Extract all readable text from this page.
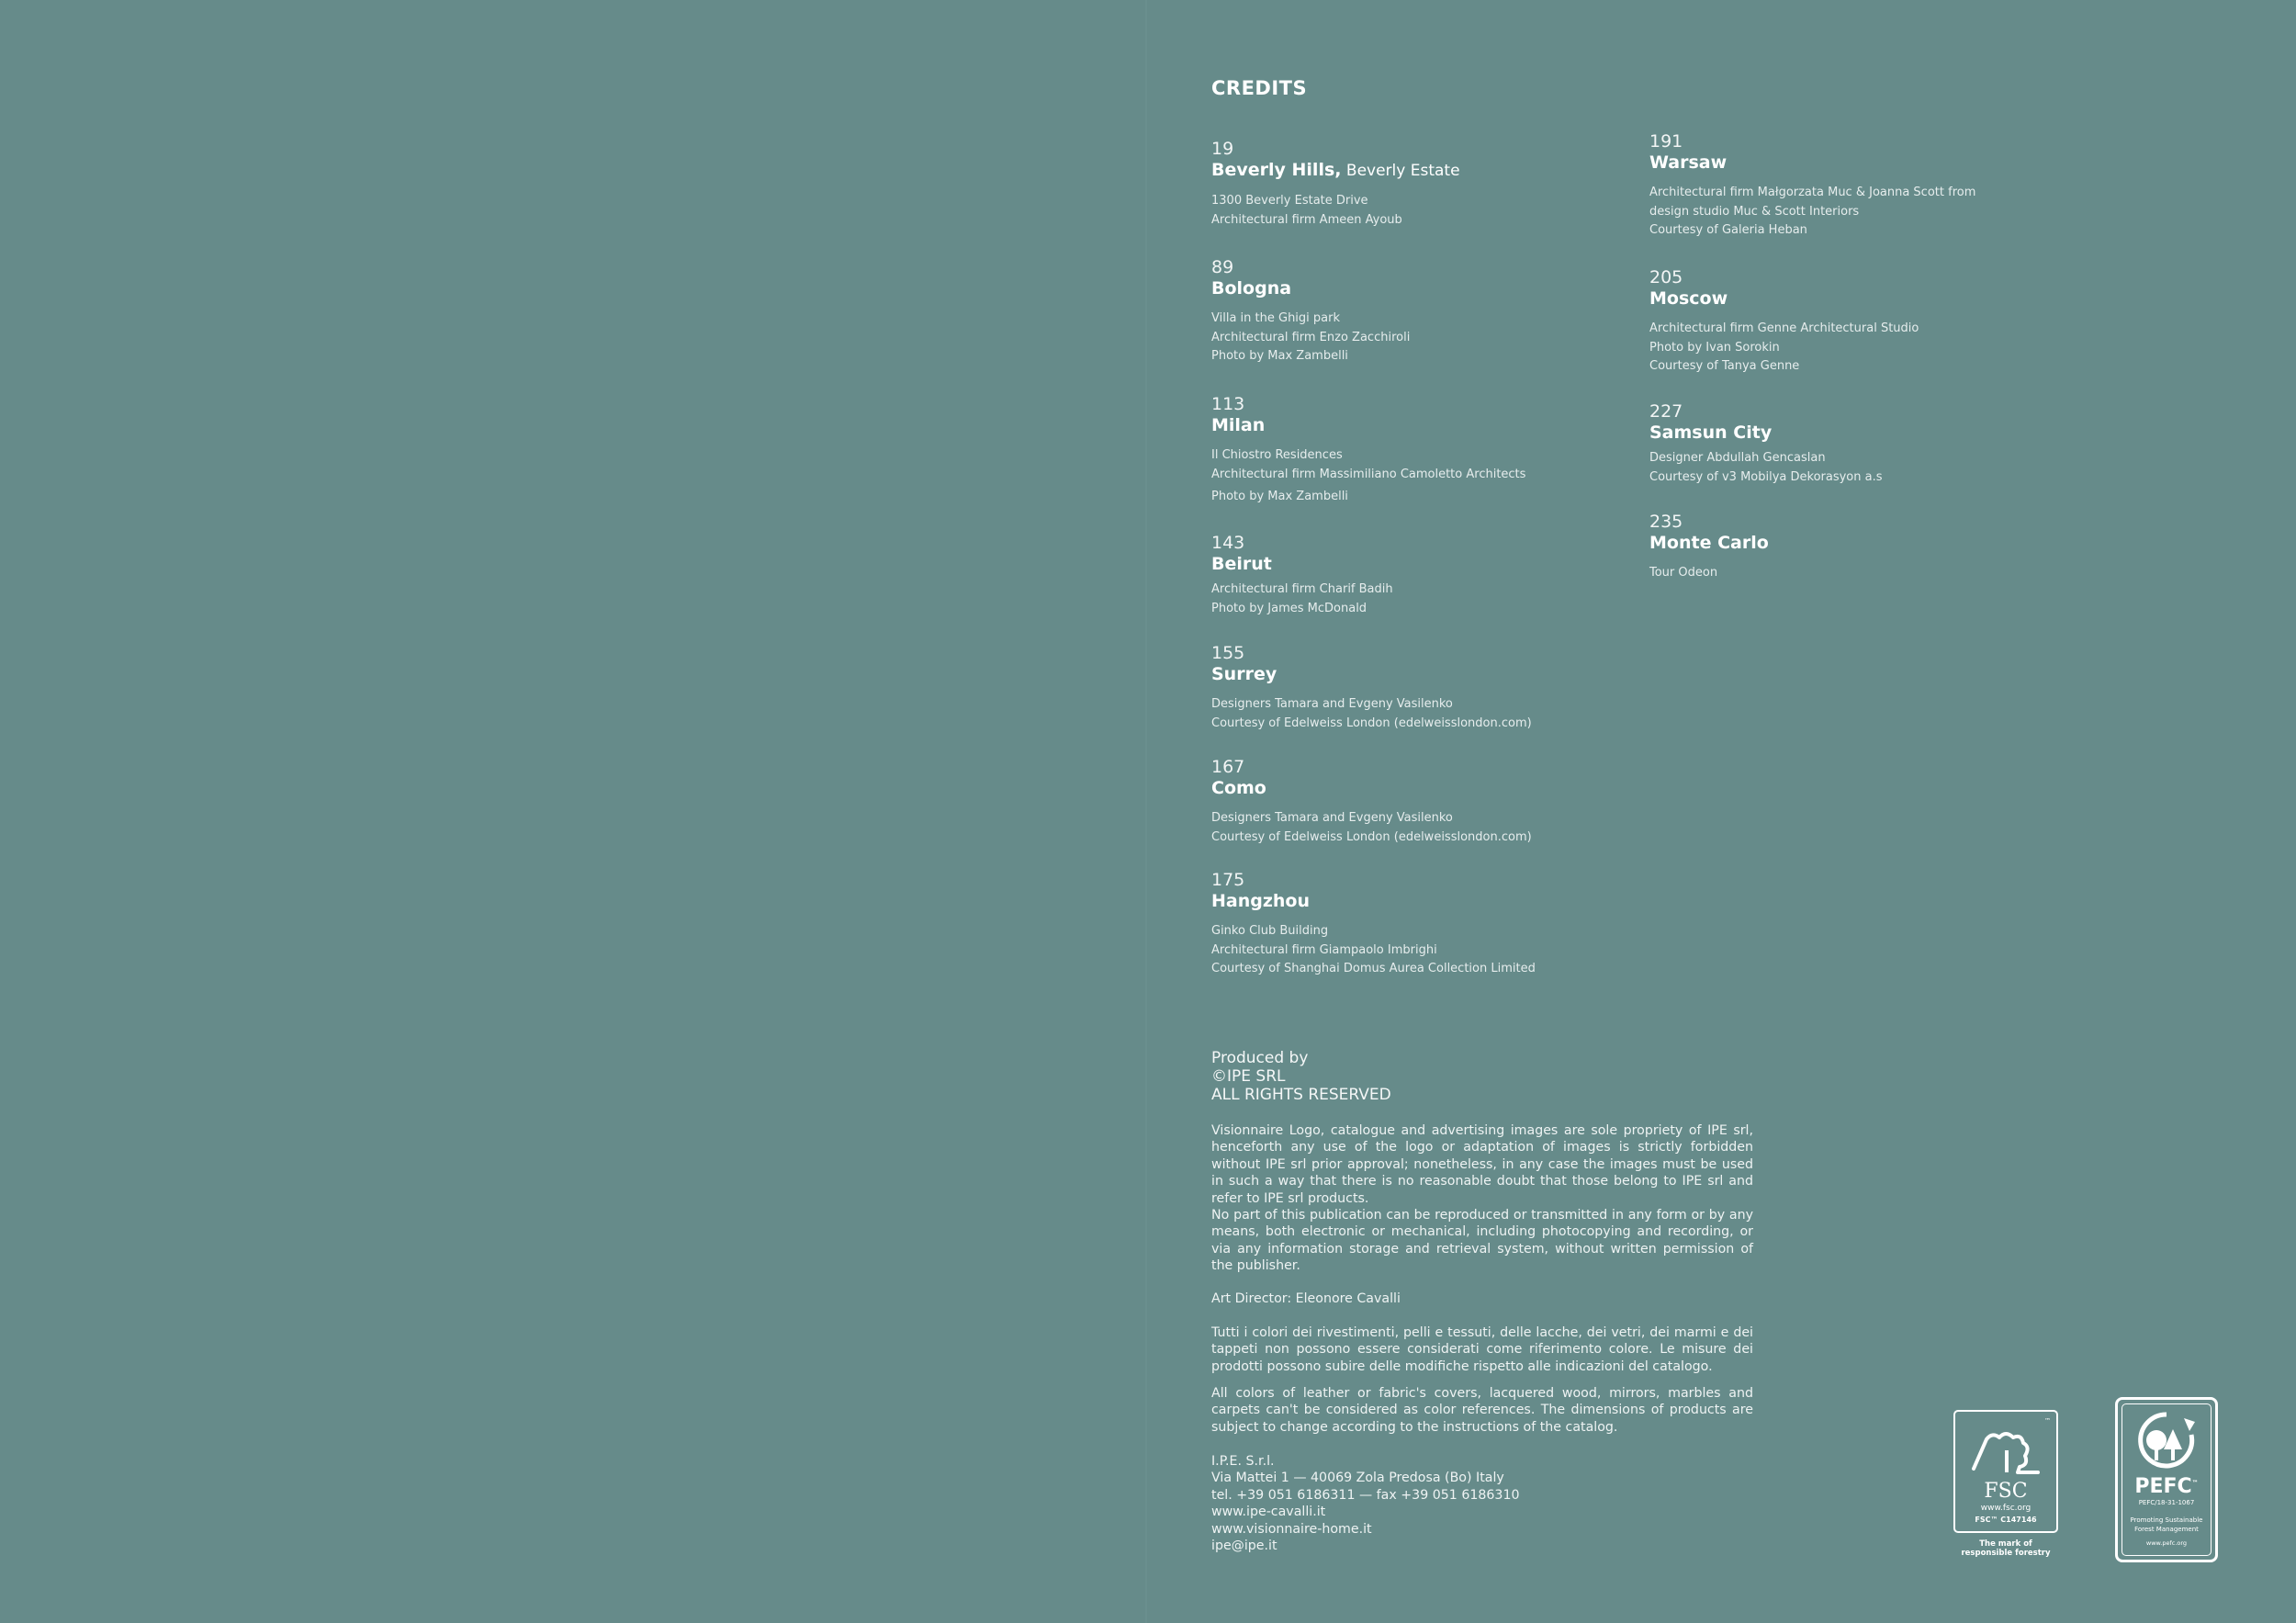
CREDITS
19
Beverly Hills, Beverly Estate
1300 Beverly Estate Drive
Architectural firm Ameen Ayoub
89
Bologna
Villa in the Ghigi park
Architectural firm Enzo Zacchiroli
Photo by Max Zambelli
113
Milan
Il Chiostro Residences
Architectural firm Massimiliano Camoletto Architects
Photo by Max Zambelli
143
Beirut
Architectural firm Charif Badih
Photo by James McDonald
155
Surrey
Designers Tamara and Evgeny Vasilenko
Courtesy of Edelweiss London (edelweisslondon.com)
167
Como
Designers Tamara and Evgeny Vasilenko
Courtesy of Edelweiss London (edelweisslondon.com)
175
Hangzhou
Ginko Club Building
Architectural firm Giampaolo Imbrighi
Courtesy of Shanghai Domus Aurea Collection Limited
191
Warsaw
Architectural firm Małgorzata Muc & Joanna Scott from
design studio Muc & Scott Interiors
Courtesy of Galeria Heban
205
Moscow
Architectural firm Genne Architectural Studio
Photo by Ivan Sorokin
Courtesy of Tanya Genne
227
Samsun City
Designer Abdullah Gencaslan
Courtesy of v3 Mobilya Dekorasyon a.s
235
Monte Carlo
Tour Odeon
Produced by
©IPE SRL
ALL RIGHTS RESERVED

Visionnaire Logo, catalogue and advertising images are sole propriety of IPE srl, henceforth any use of the logo or adaptation of images is strictly forbidden without IPE srl prior approval; nonetheless, in any case the images must be used in such a way that there is no reasonable doubt that those belong to IPE srl and refer to IPE srl products.

No part of this publication can be reproduced or transmitted in any form or by any means, both electronic or mechanical, including photocopying and recording, or via any information storage and retrieval system, without written permission of the publisher.

Art Director: Eleonore Cavalli

Tutti i colori dei rivestimenti, pelli e tessuti, delle lacche, dei vetri, dei marmi e dei tappeti non possono essere considerati come riferimento colore. Le misure dei prodotti possono subire delle modifiche rispetto alle indicazioni del catalogo.

All colors of leather or fabric's covers, lacquered wood, mirrors, marbles and carpets can't be considered as color references. The dimensions of products are subject to change according to the instructions of the catalog.

I.P.E. S.r.l.

Via Mattei 1 — 40069 Zola Predosa (Bo) Italy

tel. +39 051 6186311 — fax +39 051 6186310

www.ipe-cavalli.it

www.visionnaire-home.it

ipe@ipe.it

™
FSC
www.fsc.org
FSC™ C147146
The mark of
responsible forestry
PEFC™
PEFC/18-31-1067
Promoting Sustainable
Forest Management
www.pefc.org
